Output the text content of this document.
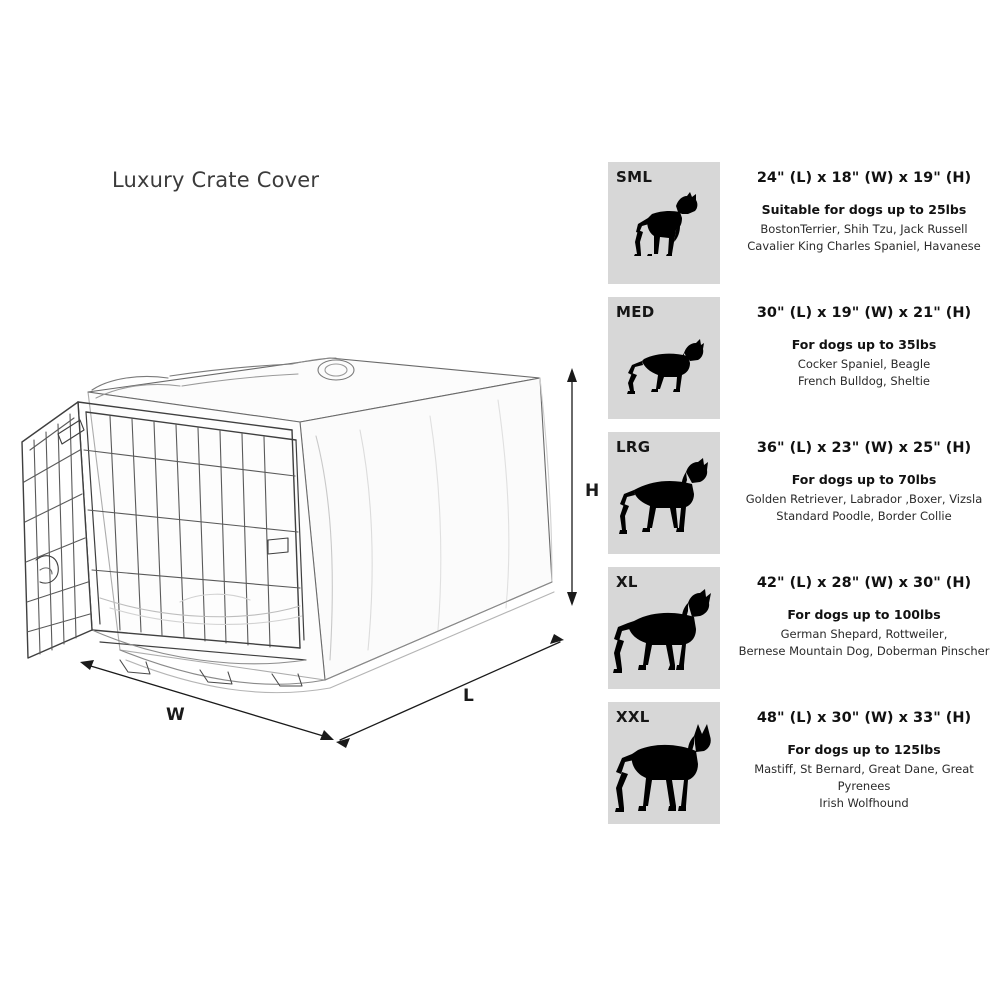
Luxury Crate Cover
H
L
W
SML	24" (L) x 18" (W) x 19" (H)
Suitable for dogs up to 25lbs
BostonTerrier, Shih Tzu, Jack Russell
Cavalier King Charles Spaniel, Havanese
MED	30" (L) x 19" (W) x 21" (H)
For dogs up to 35lbs
Cocker Spaniel, Beagle
French Bulldog, Sheltie
LRG	36" (L) x 23" (W) x 25" (H)
For dogs up to 70lbs
Golden Retriever, Labrador ,Boxer, Vizsla
Standard Poodle, Border Collie
XL	42" (L) x 28" (W) x 30" (H)
For dogs up to 100lbs
German Shepard, Rottweiler,
Bernese Mountain Dog, Doberman Pinscher
XXL	48" (L) x 30" (W) x 33" (H)
For dogs up to 125lbs
Mastiff, St Bernard, Great Dane, Great Pyrenees
Irish Wolfhound
